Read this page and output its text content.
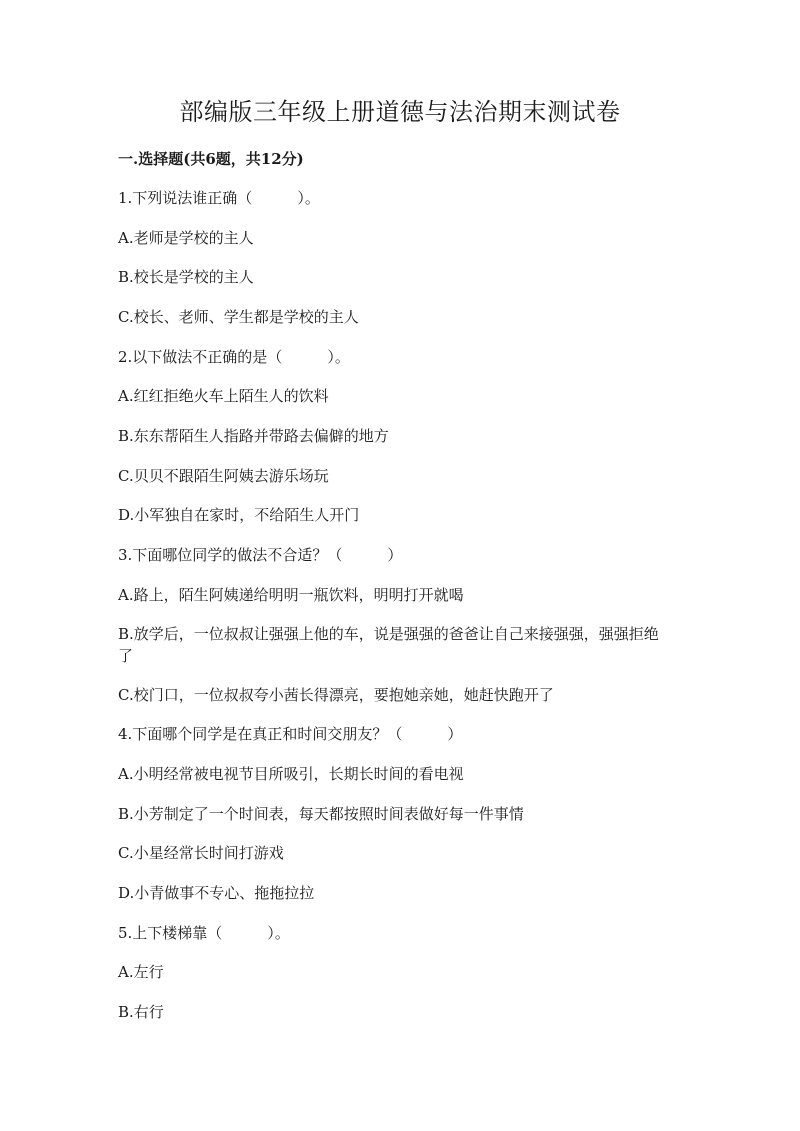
部编版三年级上册道德与法治期末测试卷
一.选择题(共6题，共12分)
1.下列说法谁正确（　　　）。
A.老师是学校的主人
B.校长是学校的主人
C.校长、老师、学生都是学校的主人
2.以下做法不正确的是（　　　）。
A.红红拒绝火车上陌生人的饮料
B.东东帮陌生人指路并带路去偏僻的地方
C.贝贝不跟陌生阿姨去游乐场玩
D.小军独自在家时，不给陌生人开门
3.下面哪位同学的做法不合适？（　　　）
A.路上，陌生阿姨递给明明一瓶饮料，明明打开就喝
B.放学后，一位叔叔让强强上他的车，说是强强的爸爸让自己来接强强，强强拒绝了
C.校门口，一位叔叔夸小茜长得漂亮，要抱她亲她，她赶快跑开了
4.下面哪个同学是在真正和时间交朋友？（　　　）
A.小明经常被电视节目所吸引，长期长时间的看电视
B.小芳制定了一个时间表，每天都按照时间表做好每一件事情
C.小星经常长时间打游戏
D.小青做事不专心、拖拖拉拉
5.上下楼梯靠（　　　）。
A.左行
B.右行
